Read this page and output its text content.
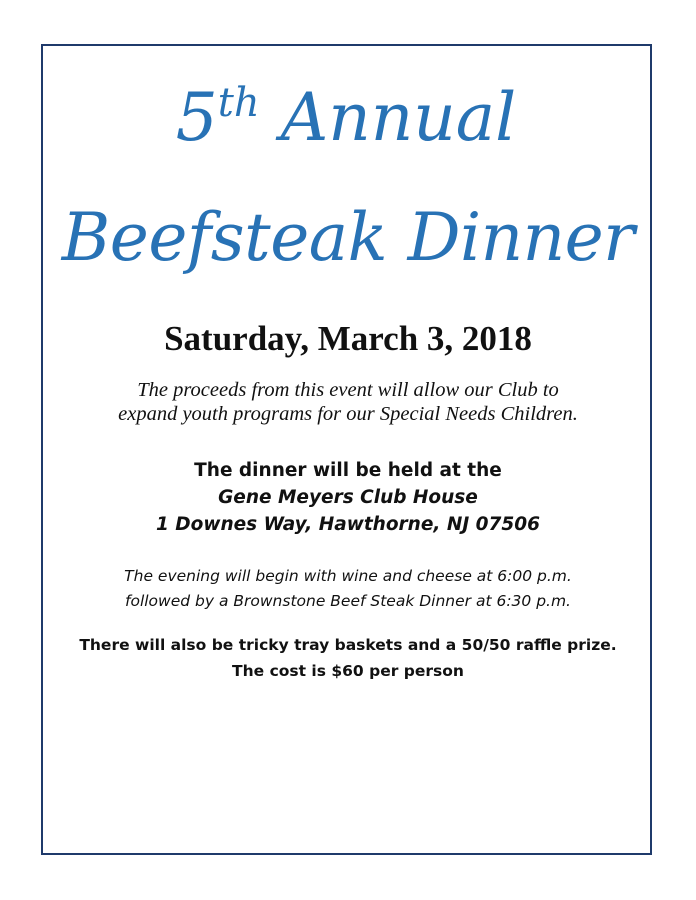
5th Annual
Beefsteak Dinner
Saturday, March 3, 2018
The proceeds from this event will allow our Club to
expand youth programs for our Special Needs Children.
The dinner will be held at the
Gene Meyers Club House
1 Downes Way, Hawthorne, NJ 07506
The evening will begin with wine and cheese at 6:00 p.m.
followed by a Brownstone Beef Steak Dinner at 6:30 p.m.
There will also be tricky tray baskets and a 50/50 raffle prize.
The cost is $60 per person
